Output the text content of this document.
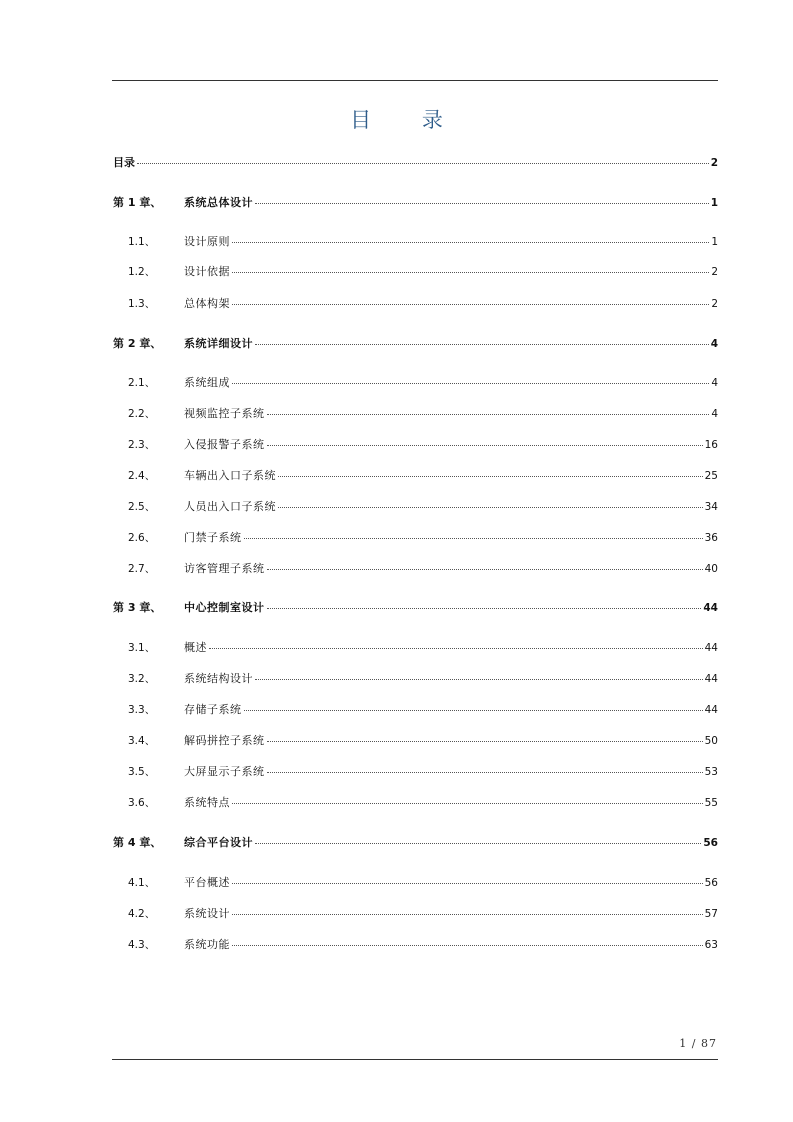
目 录
目录	2
第 1 章、	系统总体设计	1
1.1、	设计原则	1
1.2、	设计依据	2
1.3、	总体构架	2
第 2 章、	系统详细设计	4
2.1、	系统组成	4
2.2、	视频监控子系统	4
2.3、	入侵报警子系统	16
2.4、	车辆出入口子系统	25
2.5、	人员出入口子系统	34
2.6、	门禁子系统	36
2.7、	访客管理子系统	40
第 3 章、	中心控制室设计	44
3.1、	概述	44
3.2、	系统结构设计	44
3.3、	存储子系统	44
3.4、	解码拼控子系统	50
3.5、	大屏显示子系统	53
3.6、	系统特点	55
第 4 章、	综合平台设计	56
4.1、	平台概述	56
4.2、	系统设计	57
4.3、	系统功能	63
1 / 87
